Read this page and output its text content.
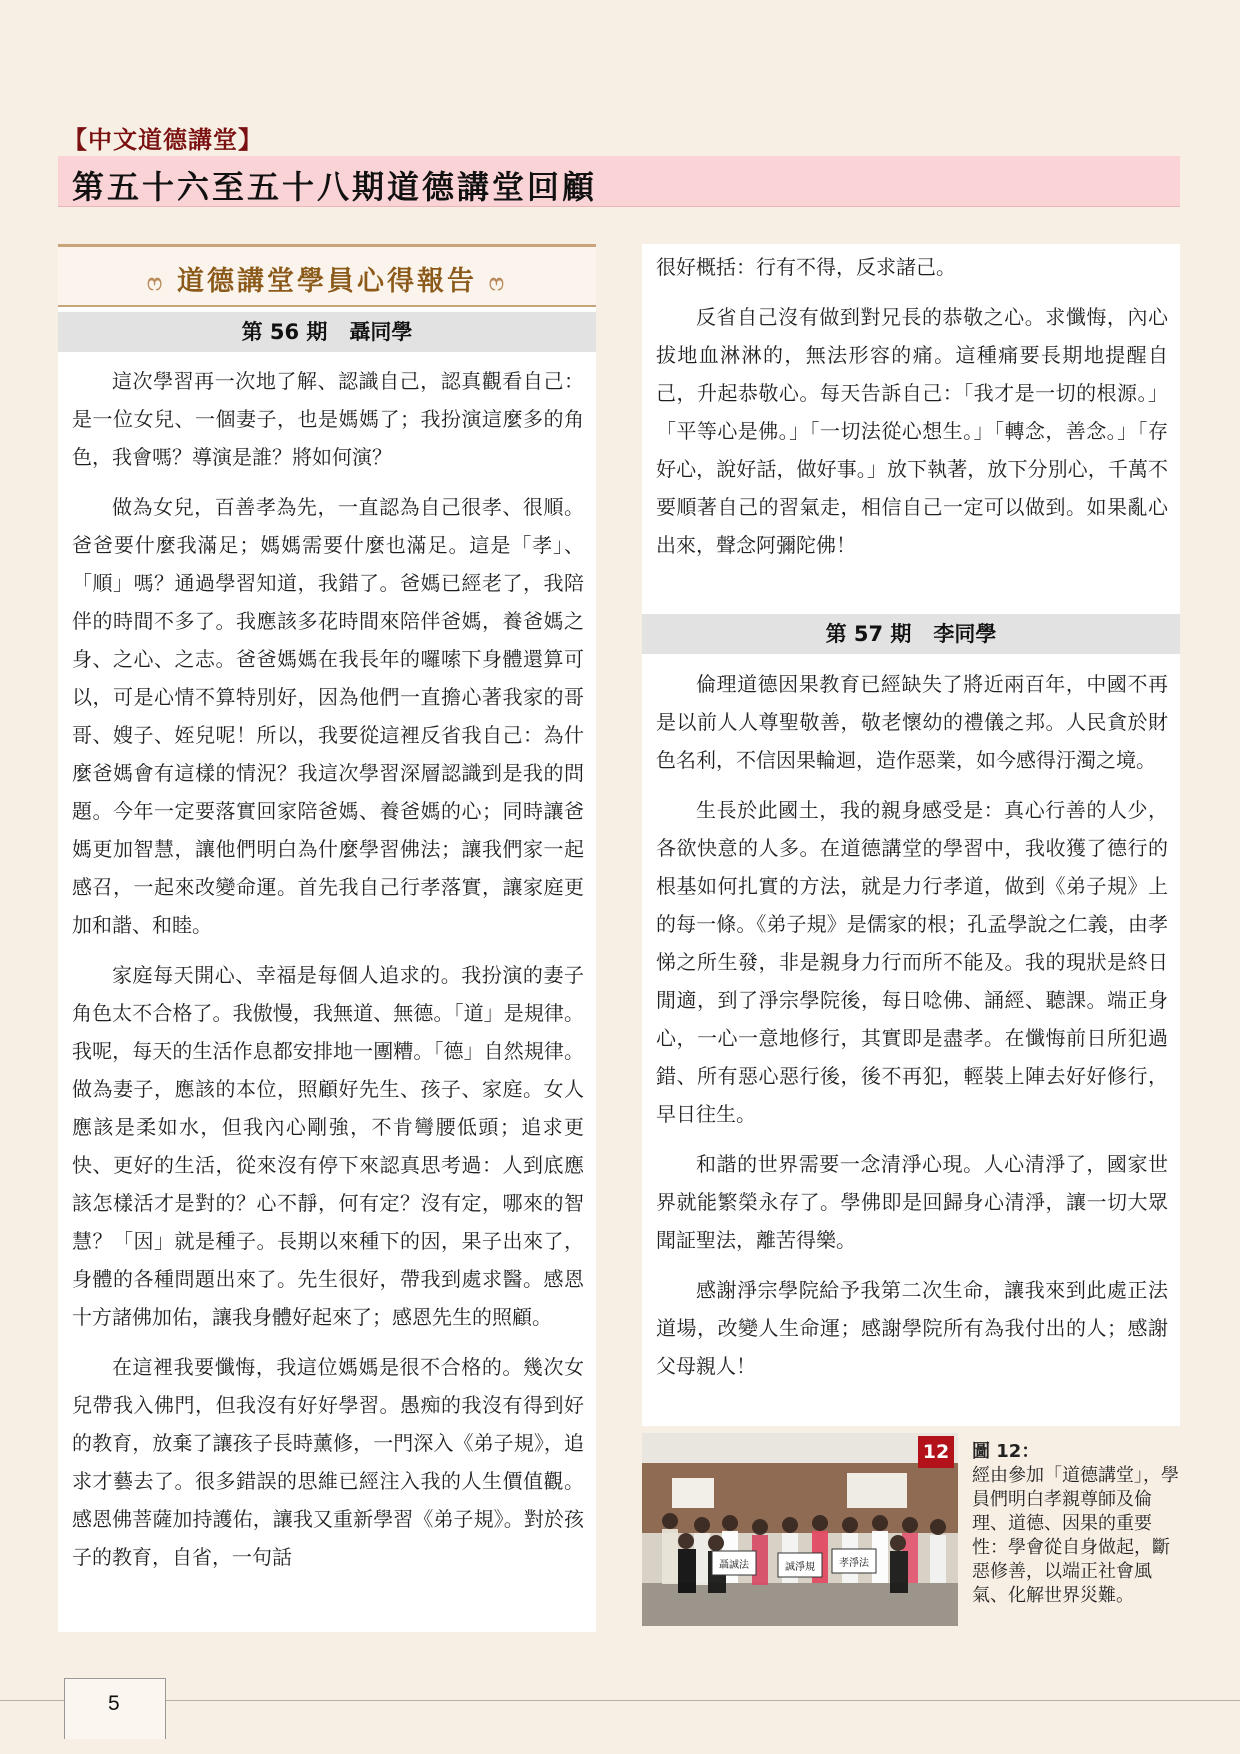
【中文道德講堂】
第五十六至五十八期道德講堂回顧
ෆ 道德講堂學員心得報告 ෆ
第 56 期 聶同學

這次學習再一次地了解、認識自己，認真觀看自己：是一位女兒、一個妻子，也是媽媽了；我扮演這麼多的角色，我會嗎？導演是誰？將如何演？

做為女兒，百善孝為先，一直認為自己很孝、很順。爸爸要什麼我滿足；媽媽需要什麼也滿足。這是「孝」、「順」嗎？通過學習知道，我錯了。爸媽已經老了，我陪伴的時間不多了。我應該多花時間來陪伴爸媽，養爸媽之身、之心、之志。爸爸媽媽在我長年的囉嗦下身體還算可以，可是心情不算特別好，因為他們一直擔心著我家的哥哥、嫂子、姪兒呢！所以，我要從這裡反省我自己：為什麼爸媽會有這樣的情況？我這次學習深層認識到是我的問題。今年一定要落實回家陪爸媽、養爸媽的心；同時讓爸媽更加智慧，讓他們明白為什麼學習佛法；讓我們家一起感召，一起來改變命運。首先我自己行孝落實，讓家庭更加和諧、和睦。

家庭每天開心、幸福是每個人追求的。我扮演的妻子角色太不合格了。我傲慢，我無道、無德。「道」是規律。我呢，每天的生活作息都安排地一團糟。「德」自然規律。做為妻子，應該的本位，照顧好先生、孩子、家庭。女人應該是柔如水，但我內心剛強，不肯彎腰低頭；追求更快、更好的生活，從來沒有停下來認真思考過：人到底應該怎樣活才是對的？心不靜，何有定？沒有定，哪來的智慧？「因」就是種子。長期以來種下的因，果子出來了，身體的各種問題出來了。先生很好，帶我到處求醫。感恩十方諸佛加佑，讓我身體好起來了；感恩先生的照顧。

在這裡我要懺悔，我這位媽媽是很不合格的。幾次女兒帶我入佛門，但我沒有好好學習。愚痴的我沒有得到好的教育，放棄了讓孩子長時薰修，一門深入《弟子規》，追求才藝去了。很多錯誤的思維已經注入我的人生價值觀。感恩佛菩薩加持護佑，讓我又重新學習《弟子規》。對於孩子的教育，自省，一句話

很好概括：行有不得，反求諸己。

反省自己沒有做到對兄長的恭敬之心。求懺悔，內心拔地血淋淋的，無法形容的痛。這種痛要長期地提醒自己，升起恭敬心。每天告訴自己：「我才是一切的根源。」「平等心是佛。」「一切法從心想生。」「轉念，善念。」「存好心，說好話，做好事。」放下執著，放下分別心，千萬不要順著自己的習氣走，相信自己一定可以做到。如果亂心出來，聲念阿彌陀佛！

第 57 期 李同學

倫理道德因果教育已經缺失了將近兩百年，中國不再是以前人人尊聖敬善，敬老懷幼的禮儀之邦。人民貪於財色名利，不信因果輪迴，造作惡業，如今感得汙濁之境。

生長於此國土，我的親身感受是：真心行善的人少，各欲快意的人多。在道德講堂的學習中，我收獲了德行的根基如何扎實的方法，就是力行孝道，做到《弟子規》上的每一條。《弟子規》是儒家的根；孔孟學說之仁義，由孝悌之所生發，非是親身力行而所不能及。我的現狀是終日閒適，到了淨宗學院後，每日唸佛、誦經、聽課。端正身心，一心一意地修行，其實即是盡孝。在懺悔前日所犯過錯、所有惡心惡行後，後不再犯，輕裝上陣去好好修行，早日往生。

和諧的世界需要一念清淨心現。人心清淨了，國家世界就能繁榮永存了。學佛即是回歸身心清淨，讓一切大眾聞証聖法，離苦得樂。

感謝淨宗學院給予我第二次生命，讓我來到此處正法道場，改變人生命運；感謝學院所有為我付出的人；感謝父母親人！

聶誠法	誠淨規 孝淨法
12 圖 12：
經由參加「道德講堂」，學員們明白孝親尊師及倫理、道德、因果的重要性：學會從自身做起，斷惡修善，以端正社會風氣、化解世界災難。
5
